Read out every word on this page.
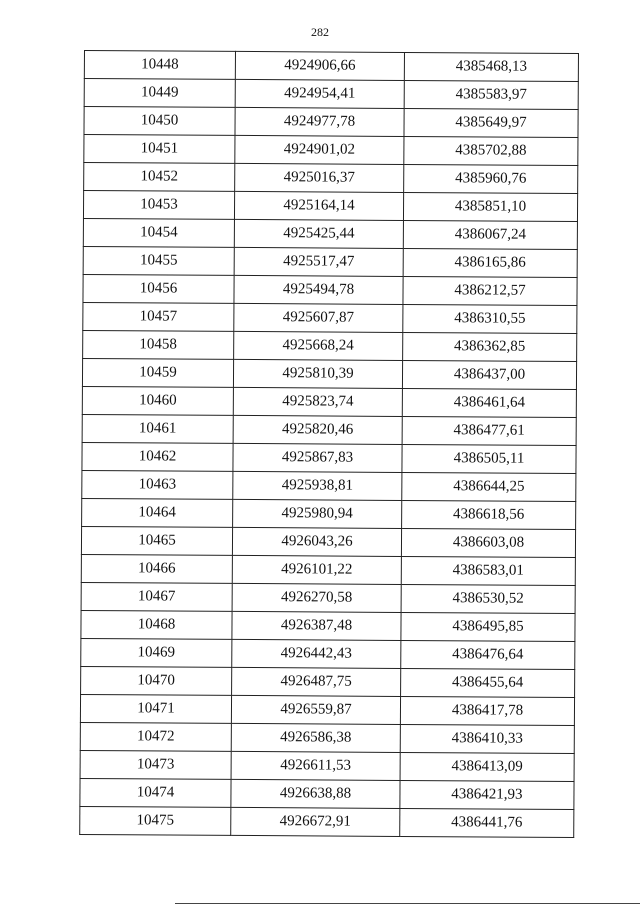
282
10448	4924906,66	4385468,13
10449	4924954,41	4385583,97
10450	4924977,78	4385649,97
10451	4924901,02	4385702,88
10452	4925016,37	4385960,76
10453	4925164,14	4385851,10
10454	4925425,44	4386067,24
10455	4925517,47	4386165,86
10456	4925494,78	4386212,57
10457	4925607,87	4386310,55
10458	4925668,24	4386362,85
10459	4925810,39	4386437,00
10460	4925823,74	4386461,64
10461	4925820,46	4386477,61
10462	4925867,83	4386505,11
10463	4925938,81	4386644,25
10464	4925980,94	4386618,56
10465	4926043,26	4386603,08
10466	4926101,22	4386583,01
10467	4926270,58	4386530,52
10468	4926387,48	4386495,85
10469	4926442,43	4386476,64
10470	4926487,75	4386455,64
10471	4926559,87	4386417,78
10472	4926586,38	4386410,33
10473	4926611,53	4386413,09
10474	4926638,88	4386421,93
10475	4926672,91	4386441,76
